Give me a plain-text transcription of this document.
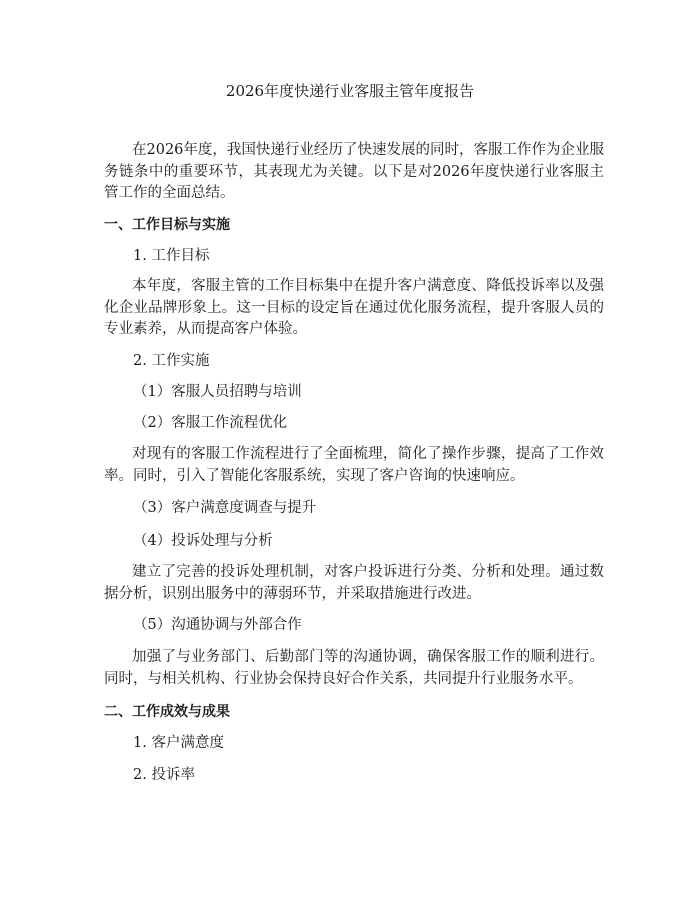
2026年度快递行业客服主管年度报告

在2026年度，我国快递行业经历了快速发展的同时，客服工作作为企业服务链条中的重要环节，其表现尤为关键。以下是对2026年度快递行业客服主管工作的全面总结。

一、工作目标与实施
1. 工作目标

本年度，客服主管的工作目标集中在提升客户满意度、降低投诉率以及强化企业品牌形象上。这一目标的设定旨在通过优化服务流程，提升客服人员的专业素养，从而提高客户体验。

2. 工作实施
（1）客服人员招聘与培训
（2）客服工作流程优化

对现有的客服工作流程进行了全面梳理，简化了操作步骤，提高了工作效率。同时，引入了智能化客服系统，实现了客户咨询的快速响应。

（3）客户满意度调查与提升
（4）投诉处理与分析

建立了完善的投诉处理机制，对客户投诉进行分类、分析和处理。通过数据分析，识别出服务中的薄弱环节，并采取措施进行改进。

（5）沟通协调与外部合作

加强了与业务部门、后勤部门等的沟通协调，确保客服工作的顺利进行。同时，与相关机构、行业协会保持良好合作关系，共同提升行业服务水平。

二、工作成效与成果
1. 客户满意度
2. 投诉率
